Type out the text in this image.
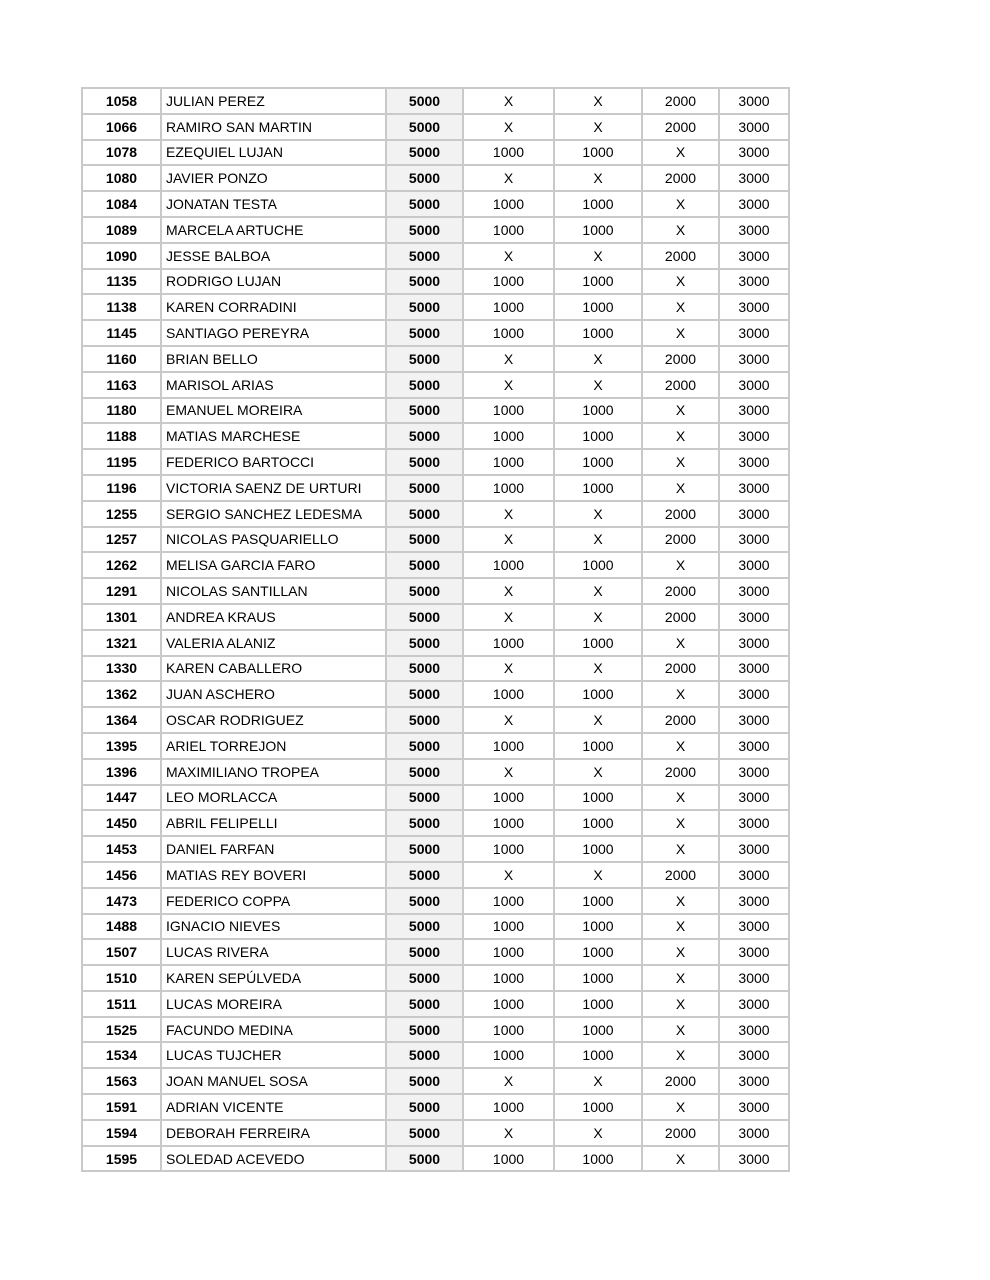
1058	JULIAN PEREZ	5000	X	X	2000	3000
1066	RAMIRO SAN MARTIN	5000	X	X	2000	3000
1078	EZEQUIEL LUJAN	5000	1000	1000	X	3000
1080	JAVIER PONZO	5000	X	X	2000	3000
1084	JONATAN TESTA	5000	1000	1000	X	3000
1089	MARCELA ARTUCHE	5000	1000	1000	X	3000
1090	JESSE BALBOA	5000	X	X	2000	3000
1135	RODRIGO LUJAN	5000	1000	1000	X	3000
1138	KAREN CORRADINI	5000	1000	1000	X	3000
1145	SANTIAGO PEREYRA	5000	1000	1000	X	3000
1160	BRIAN BELLO	5000	X	X	2000	3000
1163	MARISOL ARIAS	5000	X	X	2000	3000
1180	EMANUEL MOREIRA	5000	1000	1000	X	3000
1188	MATIAS MARCHESE	5000	1000	1000	X	3000
1195	FEDERICO BARTOCCI	5000	1000	1000	X	3000
1196	VICTORIA SAENZ DE URTURI	5000	1000	1000	X	3000
1255	SERGIO SANCHEZ LEDESMA	5000	X	X	2000	3000
1257	NICOLAS PASQUARIELLO	5000	X	X	2000	3000
1262	MELISA GARCIA FARO	5000	1000	1000	X	3000
1291	NICOLAS SANTILLAN	5000	X	X	2000	3000
1301	ANDREA KRAUS	5000	X	X	2000	3000
1321	VALERIA ALANIZ	5000	1000	1000	X	3000
1330	KAREN CABALLERO	5000	X	X	2000	3000
1362	JUAN ASCHERO	5000	1000	1000	X	3000
1364	OSCAR RODRIGUEZ	5000	X	X	2000	3000
1395	ARIEL TORREJON	5000	1000	1000	X	3000
1396	MAXIMILIANO TROPEA	5000	X	X	2000	3000
1447	LEO MORLACCA	5000	1000	1000	X	3000
1450	ABRIL FELIPELLI	5000	1000	1000	X	3000
1453	DANIEL FARFAN	5000	1000	1000	X	3000
1456	MATIAS REY BOVERI	5000	X	X	2000	3000
1473	FEDERICO COPPA	5000	1000	1000	X	3000
1488	IGNACIO NIEVES	5000	1000	1000	X	3000
1507	LUCAS RIVERA	5000	1000	1000	X	3000
1510	KAREN SEPÚLVEDA	5000	1000	1000	X	3000
1511	LUCAS MOREIRA	5000	1000	1000	X	3000
1525	FACUNDO MEDINA	5000	1000	1000	X	3000
1534	LUCAS TUJCHER	5000	1000	1000	X	3000
1563	JOAN MANUEL SOSA	5000	X	X	2000	3000
1591	ADRIAN VICENTE	5000	1000	1000	X	3000
1594	DEBORAH FERREIRA	5000	X	X	2000	3000
1595	SOLEDAD ACEVEDO	5000	1000	1000	X	3000
